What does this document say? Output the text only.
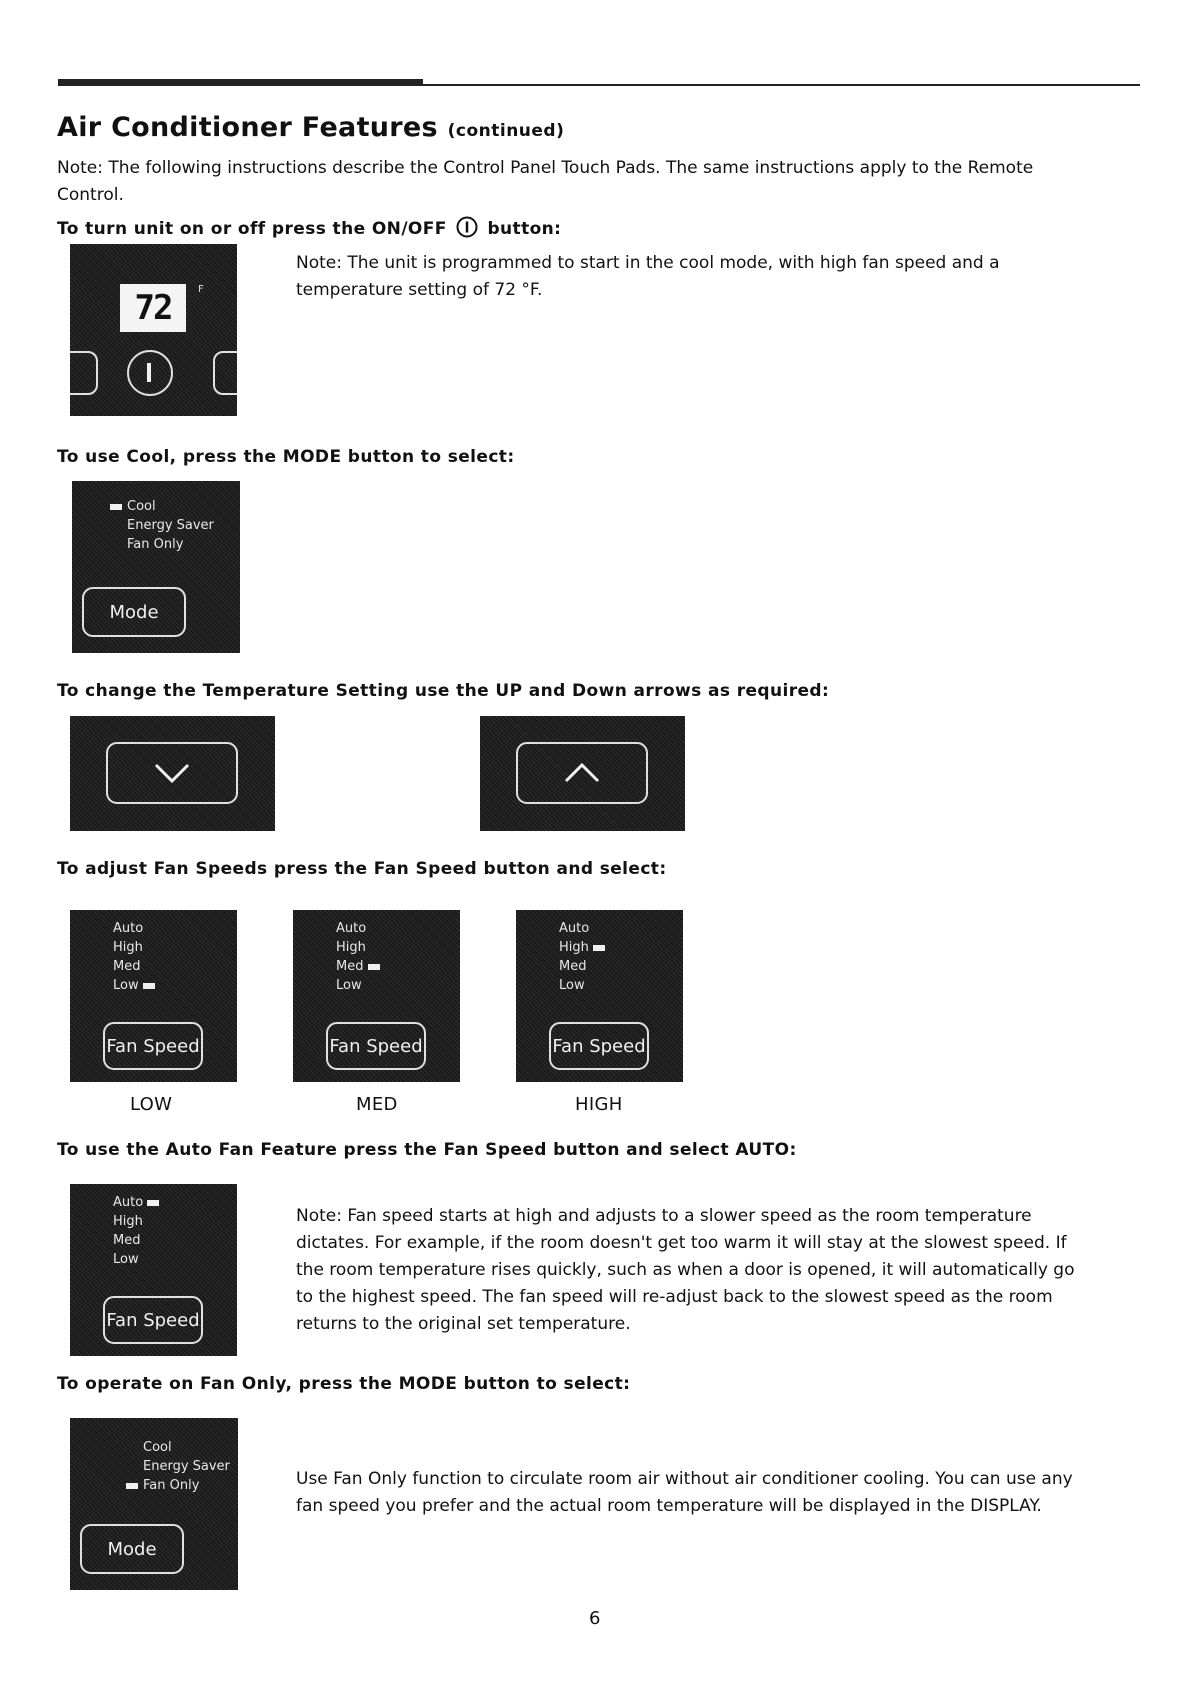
Air Conditioner Features (continued)
Note: The following instructions describe the Control Panel Touch Pads. The same instructions apply to the Remote Control.
To turn unit on or off press the ON/OFF button:
72	F
Note: The unit is programmed to start in the cool mode, with high fan speed and a temperature setting of 72 °F.
To use Cool, press the MODE button to select:
Cool
Energy Saver
Fan Only
Mode
To change the Temperature Setting use the UP and Down arrows as required:
To adjust Fan Speeds press the Fan Speed button and select:
Auto
High
Med
Low
Fan Speed
Auto
High
Med
Low
Fan Speed
Auto
High
Med
Low
Fan Speed
LOW	MED	HIGH
To use the Auto Fan Feature press the Fan Speed button and select AUTO:
Auto
High
Med
Low
Fan Speed
Note: Fan speed starts at high and adjusts to a slower speed as the room temperature dictates. For example, if the room doesn't get too warm it will stay at the slowest speed. If the room temperature rises quickly, such as when a door is opened, it will automatically go to the highest speed. The fan speed will re-adjust back to the slowest speed as the room returns to the original set temperature.
To operate on Fan Only, press the MODE button to select:
Cool
Energy Saver
Fan Only
Mode
Use Fan Only function to circulate room air without air conditioner cooling. You can use any fan speed you prefer and the actual room temperature will be displayed in the DISPLAY.
6
